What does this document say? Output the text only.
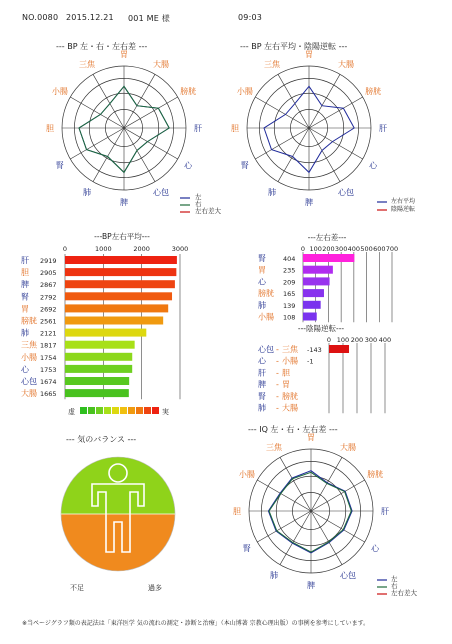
NO.0080 2015.12.21 001 ME 様	09:03
--- BP 左・右・左右差 ---	--- BP 左右平均・陰陽逆転 ---
--- IQ 左・右・左右差 ---
胃
大腸
膀胱
肝
心
心包
脾
肺
腎
胆
小腸
三焦
胃
大腸
膀胱
肝
心
心包
脾
肺
腎
胆
小腸
三焦
胃
大腸
膀胱
肝
心
心包
脾
肺
腎
胆
小腸
三焦
左
右
左右差大
左右平均
陰陽逆転
左
右
左右差大
---BP左右平均---
0	1000	2000	3000
肝 2919
胆 2905
脾 2867
腎 2792
胃 2692
膀胱 2561
肺 2121
三焦 1817
小腸 1754
心 1753
心包 1674
大腸 1665
虚	実
---左右差---
0 100 200 300 400 500 600 700
腎	404
胃	235
心	209
膀胱 165
肺	139
小腸 108
---陰陽逆転---
0 100 200 300 400
心包 - 三焦 -143
心 - 小腸 -1
肝 - 胆
脾 - 胃
腎 - 膀胱
肺 - 大腸
--- 気のバランス ---
不足	過多
※当ページグラフ類の表記法は「東洋医学 気の流れの測定・診断と治療」（本山博著 宗教心理出版）の事例を参考にしています。
